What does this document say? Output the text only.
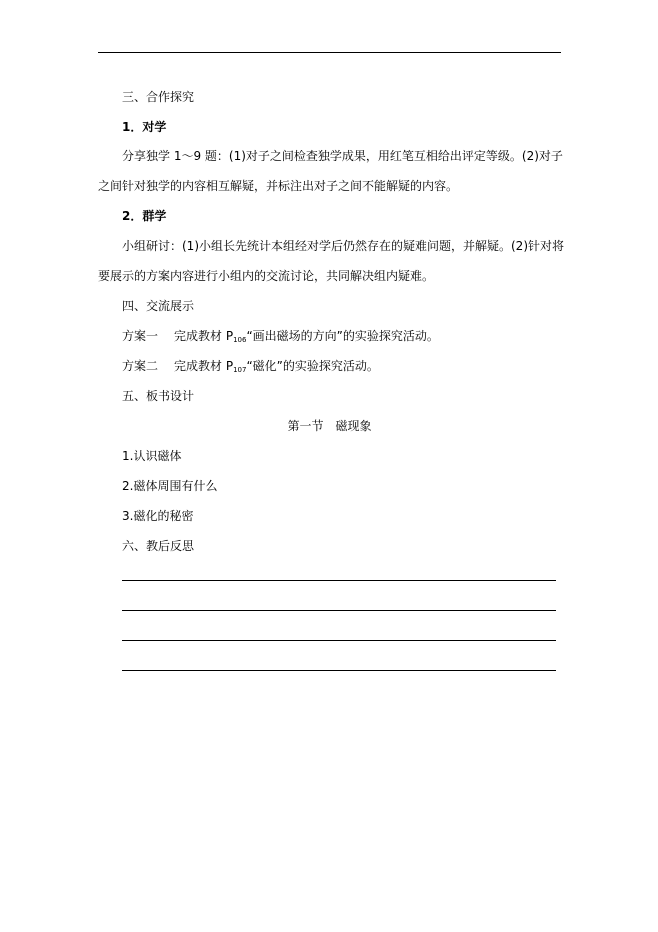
三、合作探究
1．对学
分享独学 1～9 题：(1)对子之间检查独学成果，用红笔互相给出评定等级。(2)对子
之间针对独学的内容相互解疑，并标注出对子之间不能解疑的内容。
2．群学
小组研讨：(1)小组长先统计本组经对学后仍然存在的疑难问题，并解疑。(2)针对将
要展示的方案内容进行小组内的交流讨论，共同解决组内疑难。
四、交流展示
方案一 完成教材 $P_{106}“$画出磁场的方向”的实验探究活动。
方案二 完成教材 $P_{107}“$磁化”的实验探究活动。
五、板书设计
第一节　磁现象
1.认识磁体
2.磁体周围有什么
3.磁化的秘密
六、教后反思
